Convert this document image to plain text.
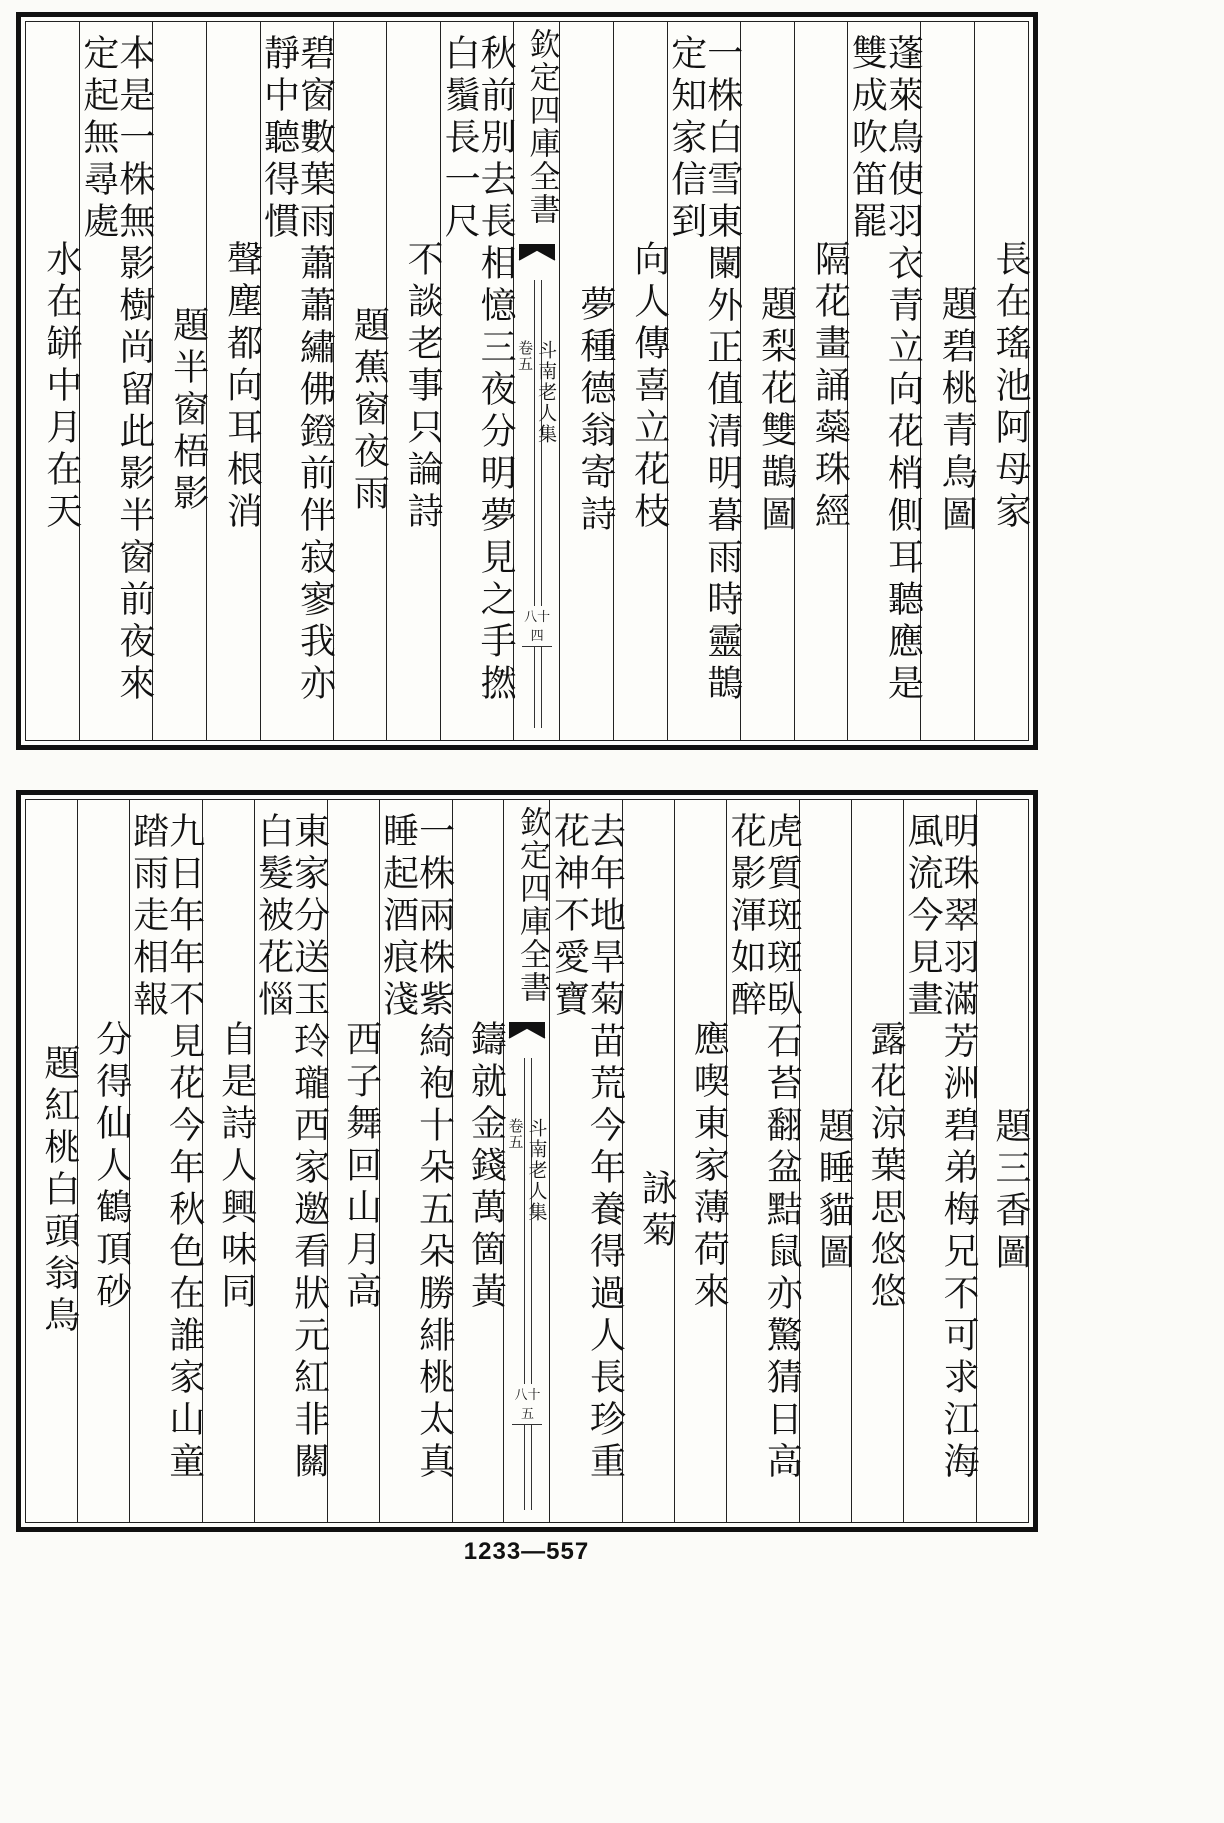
長在瑤池阿母家
題碧桃青鳥圖
蓬萊鳥使羽衣青立向花梢側耳聽應是雙成吹笛罷
隔花畫誦蘂珠經
題梨花雙鵲圖
一株白雪東闌外正值清明暮雨時靈鵲定知家信到
向人傳喜立花枝
夢種德翁寄詩
欽定四庫全書
斗南老人集
卷五
八十四
秋前別去長相憶三夜分明夢見之手撚白鬚長一尺
不談老事只論詩
題蕉窗夜雨
碧窗數葉雨蕭蕭繡佛鐙前伴寂寥我亦靜中聽得慣
聲塵都向耳根消
題半窗梧影
本是一株無影樹尚留此影半窗前夜來定起無尋處
水在缾中月在天
題三香圖
明珠翠羽滿芳洲碧弟梅兄不可求江海風流今見畫
露花涼葉思悠悠
題睡貓圖
虎質斑斑臥石苔翻盆黠鼠亦驚猜日高花影渾如醉
應喫東家薄荷來
詠菊
去年地旱菊苗荒今年養得過人長珍重花神不愛寶
欽定四庫全書
斗南老人集
卷五
八十五
鑄就金錢萬箇黃
一株兩株紫綺袍十朵五朵勝緋桃太真睡起酒痕淺
西子舞回山月高
東家分送玉玲瓏西家邀看狀元紅非關白髮被花惱
自是詩人興味同
九日年年不見花今年秋色在誰家山童踏雨走相報
分得仙人鶴頂砂
題紅桃白頭翁鳥
1233—557
